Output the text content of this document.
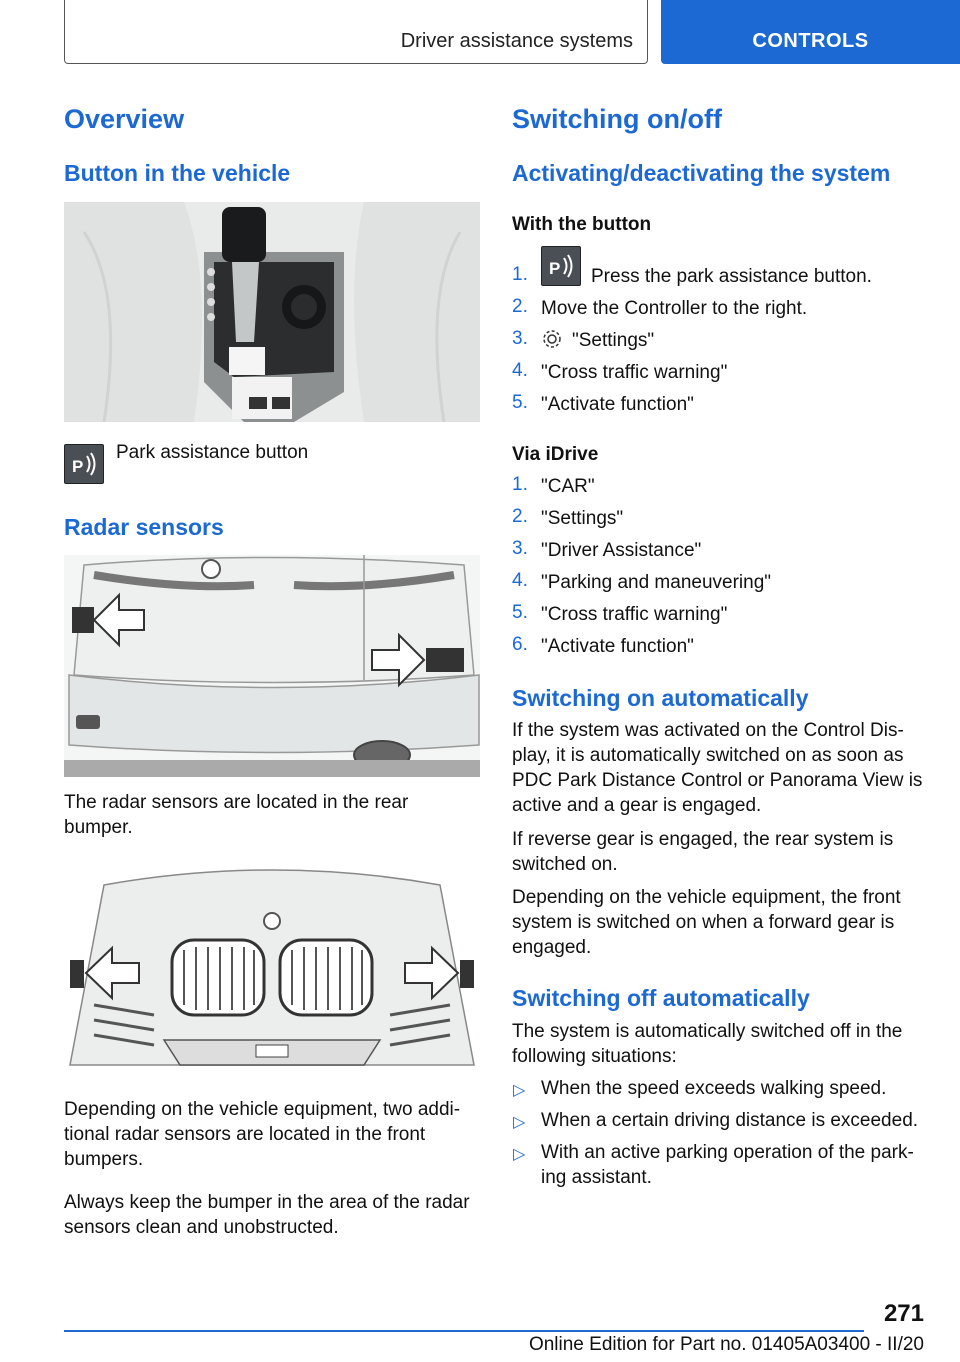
Driver assistance systems	CONTROLS
Overview
Button in the vehicle
P
Park assistance button
Radar sensors
The radar sensors are located in the rear
bumper.
Depending on the vehicle equipment, two addi-
tional radar sensors are located in the front
bumpers.
Always keep the bumper in the area of the radar
sensors clean and unobstructed.
Switching on/off
Activating/deactivating the system
With the button
1. P Press the park assistance button.
2. Move the Controller to the right.
3. "Settings"
4. "Cross traffic warning"
5. "Activate function"
Via iDrive
1. "CAR"
2. "Settings"
3. "Driver Assistance"
4. "Parking and maneuvering"
5. "Cross traffic warning"
6. "Activate function"
Switching on automatically
If the system was activated on the Control Dis-
play, it is automatically switched on as soon as
PDC Park Distance Control or Panorama View is
active and a gear is engaged.
If reverse gear is engaged, the rear system is
switched on.
Depending on the vehicle equipment, the front
system is switched on when a forward gear is
engaged.
Switching off automatically
The system is automatically switched off in the
following situations:
▷ When the speed exceeds walking speed.
▷ When a certain driving distance is exceeded.
▷ With an active parking operation of the park-
ing assistant.
271
Online Edition for Part no. 01405A03400 - II/20
